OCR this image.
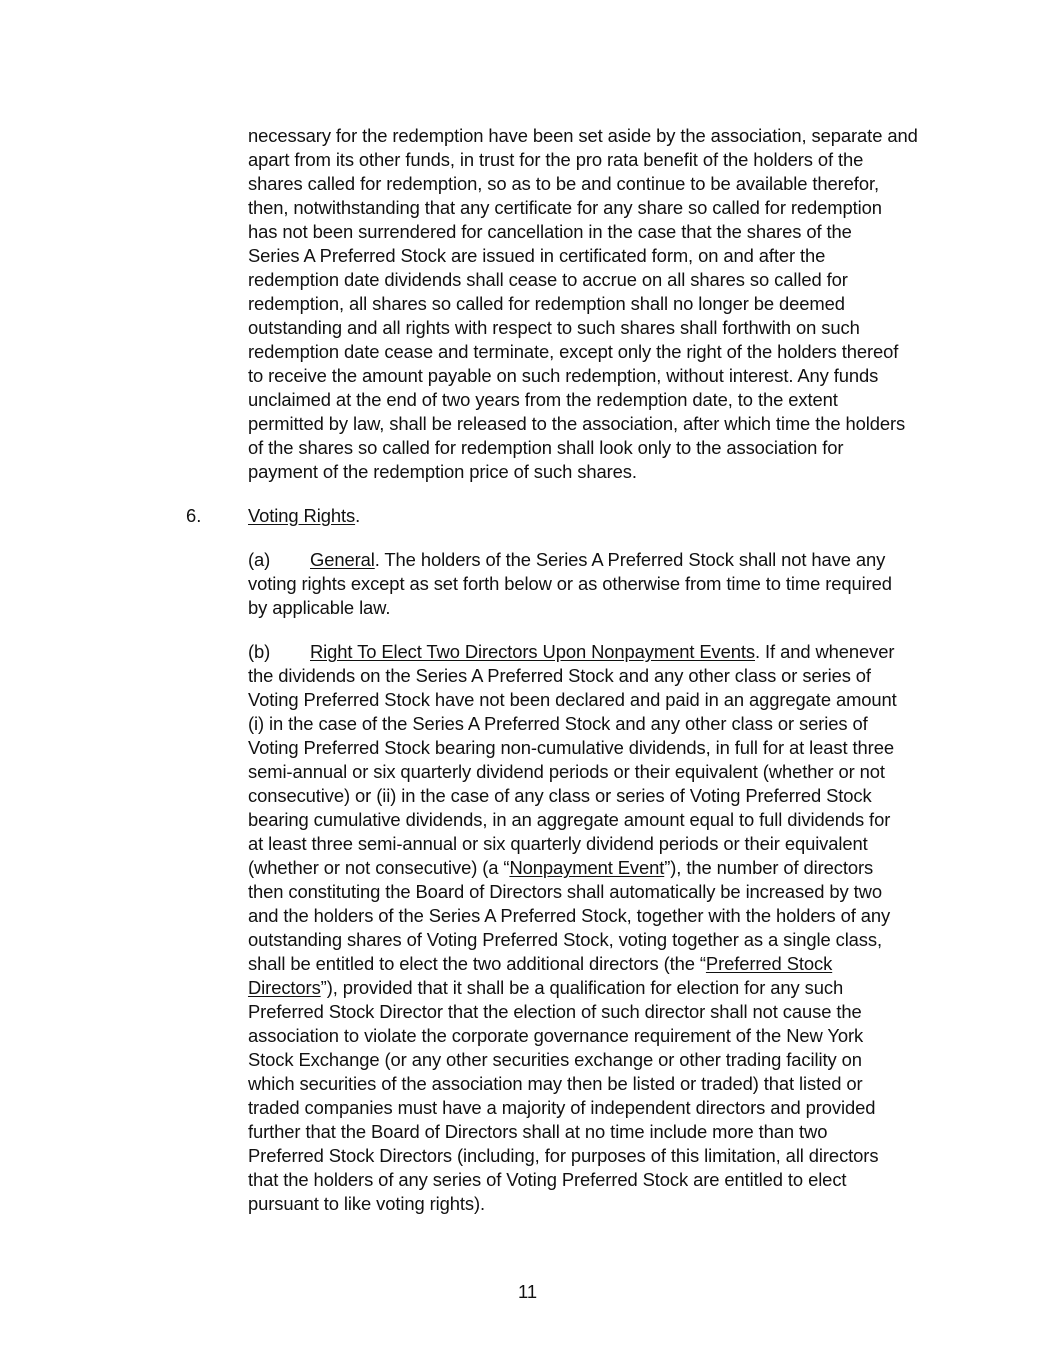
necessary for the redemption have been set aside by the association, separate and
apart from its other funds, in trust for the pro rata benefit of the holders of the
shares called for redemption, so as to be and continue to be available therefor,
then, notwithstanding that any certificate for any share so called for redemption
has not been surrendered for cancellation in the case that the shares of the
Series A Preferred Stock are issued in certificated form, on and after the
redemption date dividends shall cease to accrue on all shares so called for
redemption, all shares so called for redemption shall no longer be deemed
outstanding and all rights with respect to such shares shall forthwith on such
redemption date cease and terminate, except only the right of the holders thereof
to receive the amount payable on such redemption, without interest. Any funds
unclaimed at the end of two years from the redemption date, to the extent
permitted by law, shall be released to the association, after which time the holders
of the shares so called for redemption shall look only to the association for
payment of the redemption price of such shares.
6.	Voting Rights.
(a) General. The holders of the Series A Preferred Stock shall not have any
voting rights except as set forth below or as otherwise from time to time required
by applicable law.
(b) Right To Elect Two Directors Upon Nonpayment Events. If and whenever
the dividends on the Series A Preferred Stock and any other class or series of
Voting Preferred Stock have not been declared and paid in an aggregate amount
(i) in the case of the Series A Preferred Stock and any other class or series of
Voting Preferred Stock bearing non-cumulative dividends, in full for at least three
semi-annual or six quarterly dividend periods or their equivalent (whether or not
consecutive) or (ii) in the case of any class or series of Voting Preferred Stock
bearing cumulative dividends, in an aggregate amount equal to full dividends for
at least three semi-annual or six quarterly dividend periods or their equivalent
(whether or not consecutive) (a “Nonpayment Event”), the number of directors
then constituting the Board of Directors shall automatically be increased by two
and the holders of the Series A Preferred Stock, together with the holders of any
outstanding shares of Voting Preferred Stock, voting together as a single class,
shall be entitled to elect the two additional directors (the “Preferred Stock
Directors”), provided that it shall be a qualification for election for any such
Preferred Stock Director that the election of such director shall not cause the
association to violate the corporate governance requirement of the New York
Stock Exchange (or any other securities exchange or other trading facility on
which securities of the association may then be listed or traded) that listed or
traded companies must have a majority of independent directors and provided
further that the Board of Directors shall at no time include more than two
Preferred Stock Directors (including, for purposes of this limitation, all directors
that the holders of any series of Voting Preferred Stock are entitled to elect
pursuant to like voting rights).
11
